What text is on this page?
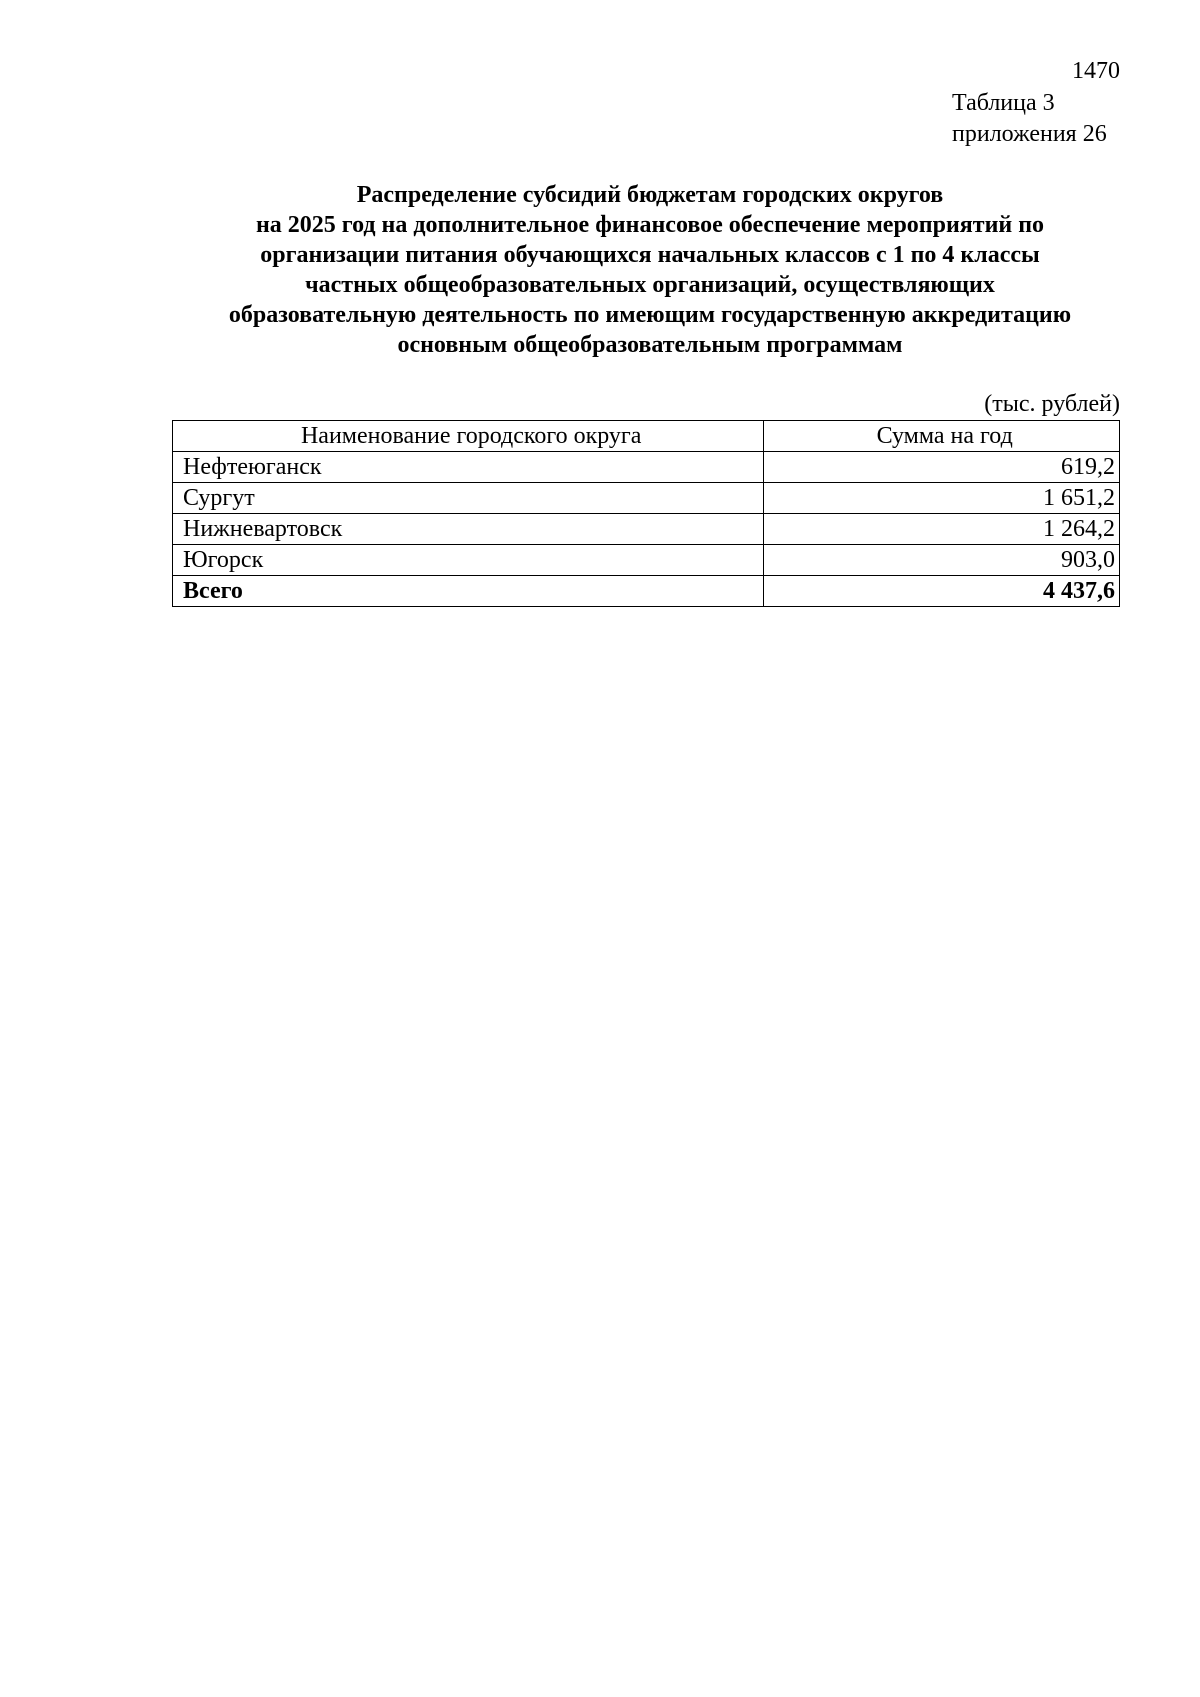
1470
Таблица 3
приложения 26
Распределение субсидий бюджетам городских округов
на 2025 год на дополнительное финансовое обеспечение мероприятий по
организации питания обучающихся начальных классов с 1 по 4 классы
частных общеобразовательных организаций, осуществляющих
образовательную деятельность по имеющим государственную аккредитацию
основным общеобразовательным программам
(тыс. рублей)
Наименование городского округа	Сумма на год
Нефтеюганск	619,2
Сургут	1 651,2
Нижневартовск	1 264,2
Югорск	903,0
Всего	4 437,6
